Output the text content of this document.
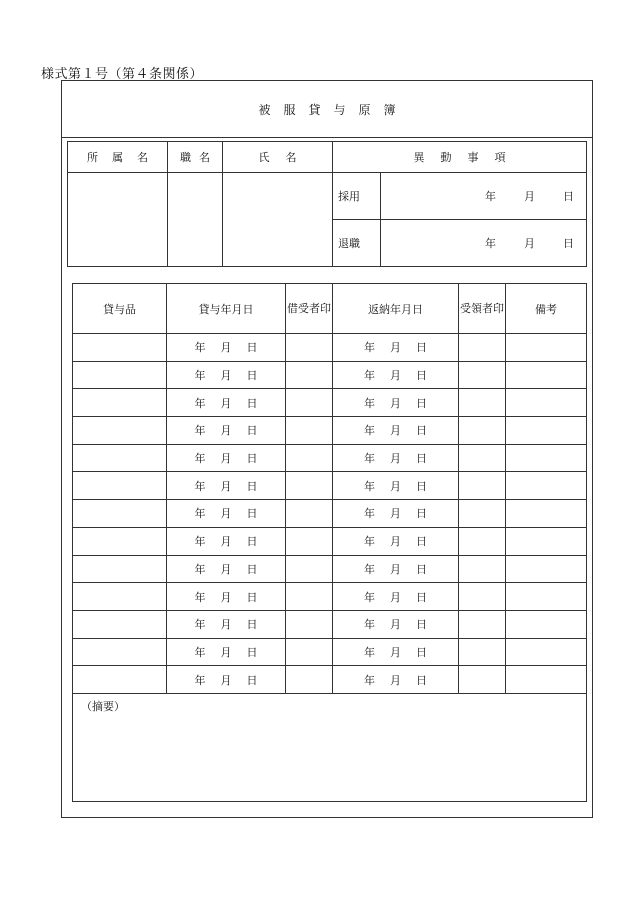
様式第１号（第４条関係）
被服貸与原簿
所属名	職名	氏名	異動事項	
			採用	年 月 日

			退職	年 月 日
貸与品	貸与年月日	借受者印	返納年月日	受領者印	備考
	年 月 日		年 月 日		
	年 月 日		年 月 日		
	年 月 日		年 月 日		
	年 月 日		年 月 日		
	年 月 日		年 月 日		
	年 月 日		年 月 日		
	年 月 日		年 月 日		
	年 月 日		年 月 日		
	年 月 日		年 月 日		
	年 月 日		年 月 日		
	年 月 日		年 月 日		
	年 月 日		年 月 日		
	年 月 日		年 月 日		
（摘要）					
